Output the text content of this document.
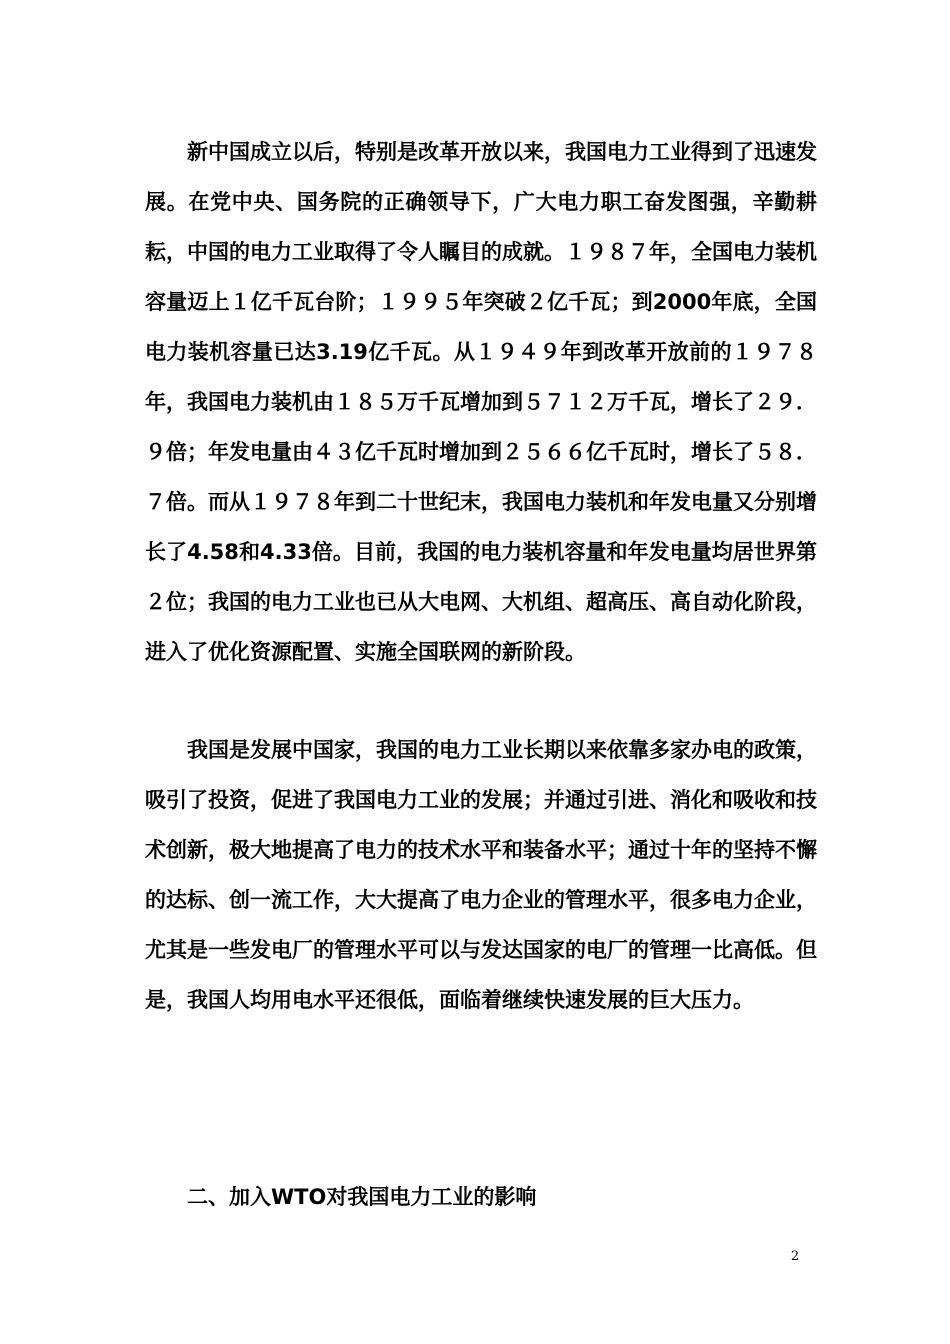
新中国成立以后，特别是改革开放以来，我国电力工业得到了迅速发展。在党中央、国务院的正确领导下，广大电力职工奋发图强，辛勤耕耘，中国的电力工业取得了令人瞩目的成就。１９８７年，全国电力装机容量迈上１亿千瓦台阶；１９９５年突破２亿千瓦；到2000年底，全国电力装机容量已达3.19亿千瓦。从１９４９年到改革开放前的１９７８年，我国电力装机由１８５万千瓦增加到５７１２万千瓦，增长了２９．９倍；年发电量由４３亿千瓦时增加到２５６６亿千瓦时，增长了５８．７倍。而从１９７８年到二十世纪末，我国电力装机和年发电量又分别增长了4.58和4.33倍。目前，我国的电力装机容量和年发电量均居世界第２位；我国的电力工业也已从大电网、大机组、超高压、高自动化阶段，进入了优化资源配置、实施全国联网的新阶段。

我国是发展中国家，我国的电力工业长期以来依靠多家办电的政策，吸引了投资，促进了我国电力工业的发展；并通过引进、消化和吸收和技术创新，极大地提高了电力的技术水平和装备水平；通过十年的坚持不懈的达标、创一流工作，大大提高了电力企业的管理水平，很多电力企业，尤其是一些发电厂的管理水平可以与发达国家的电厂的管理一比高低。但是，我国人均用电水平还很低，面临着继续快速发展的巨大压力。

二、加入WTO对我国电力工业的影响

2
